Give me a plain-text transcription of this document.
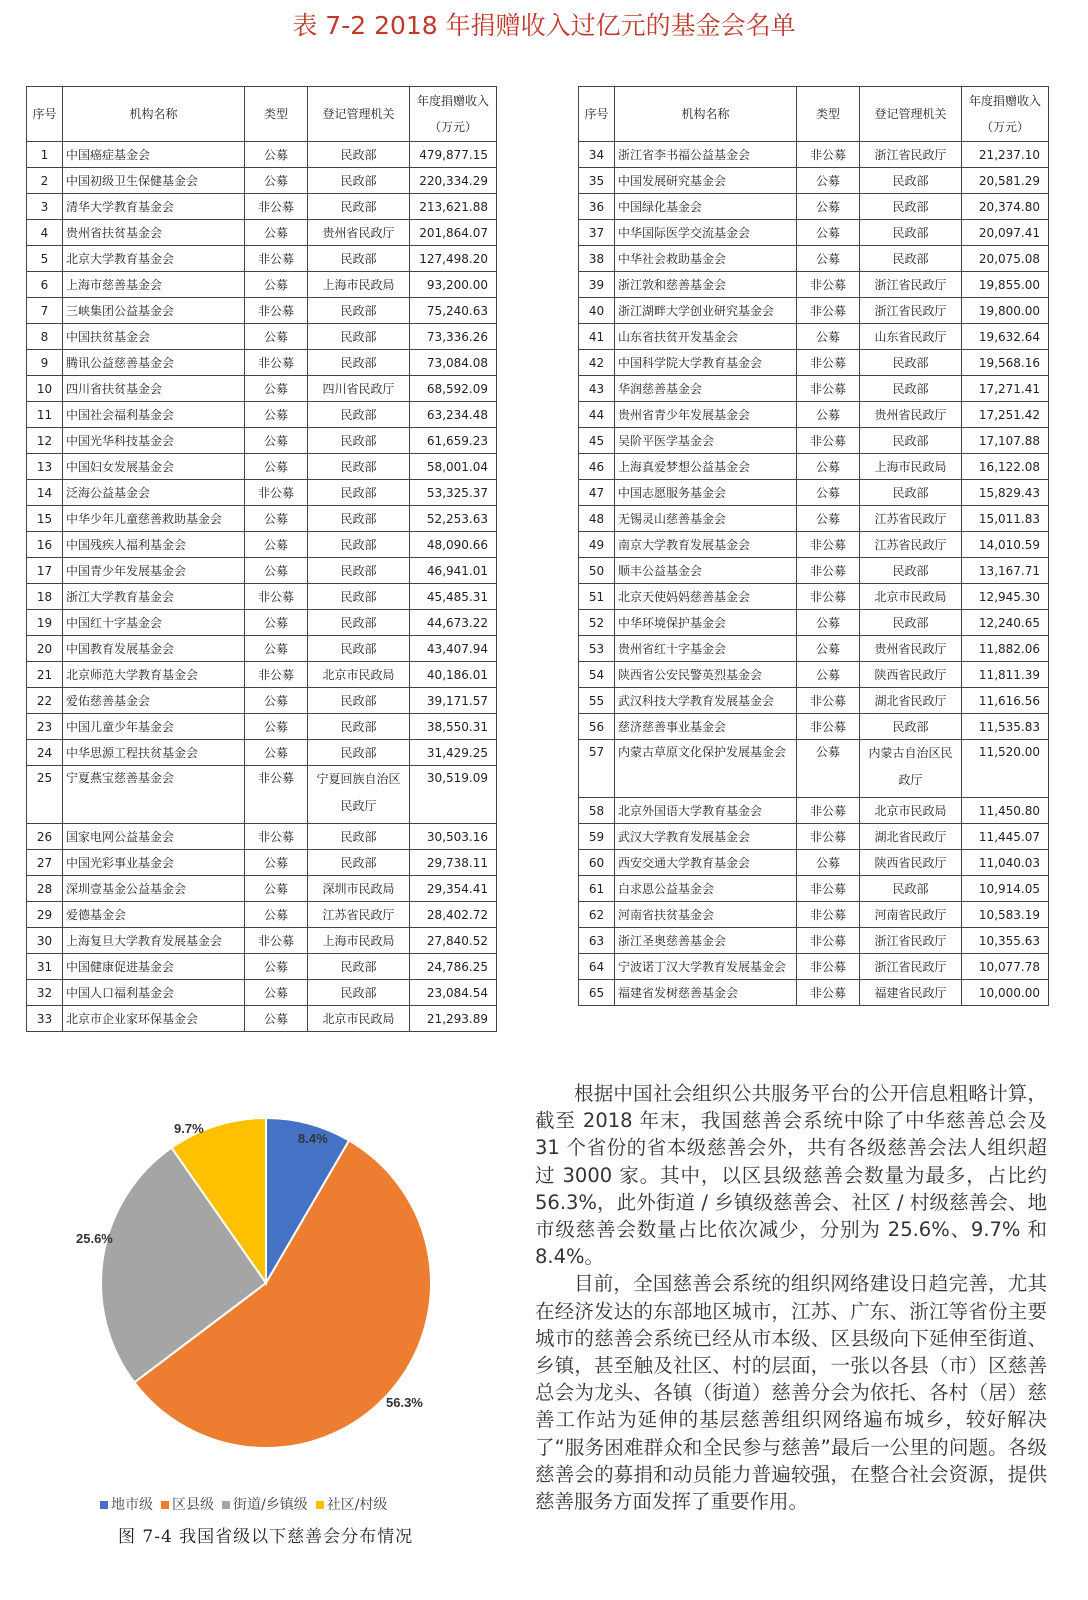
表 7-2 2018 年捐赠收入过亿元的基金会名单
序号	机构名称	类型	登记管理机关	年度捐赠收入
（万元）
1	中国癌症基金会	公募	民政部	479,877.15
2	中国初级卫生保健基金会	公募	民政部	220,334.29
3	清华大学教育基金会	非公募	民政部	213,621.88
4	贵州省扶贫基金会	公募	贵州省民政厅	201,864.07
5	北京大学教育基金会	非公募	民政部	127,498.20
6	上海市慈善基金会	公募	上海市民政局	93,200.00
7	三峡集团公益基金会	非公募	民政部	75,240.63
8	中国扶贫基金会	公募	民政部	73,336.26
9	腾讯公益慈善基金会	非公募	民政部	73,084.08
10	四川省扶贫基金会	公募	四川省民政厅	68,592.09
11	中国社会福利基金会	公募	民政部	63,234.48
12	中国光华科技基金会	公募	民政部	61,659.23
13	中国妇女发展基金会	公募	民政部	58,001.04
14	泛海公益基金会	非公募	民政部	53,325.37
15	中华少年儿童慈善救助基金会	公募	民政部	52,253.63
16	中国残疾人福利基金会	公募	民政部	48,090.66
17	中国青少年发展基金会	公募	民政部	46,941.01
18	浙江大学教育基金会	非公募	民政部	45,485.31
19	中国红十字基金会	公募	民政部	44,673.22
20	中国教育发展基金会	公募	民政部	43,407.94
21	北京师范大学教育基金会	非公募	北京市民政局	40,186.01
22	爱佑慈善基金会	公募	民政部	39,171.57
23	中国儿童少年基金会	公募	民政部	38,550.31
24	中华思源工程扶贫基金会	公募	民政部	31,429.25
25	宁夏燕宝慈善基金会	非公募	宁夏回族自治区民政厅	30,519.09
26	国家电网公益基金会	非公募	民政部	30,503.16
27	中国光彩事业基金会	公募	民政部	29,738.11
28	深圳壹基金公益基金会	公募	深圳市民政局	29,354.41
29	爱德基金会	公募	江苏省民政厅	28,402.72
30	上海复旦大学教育发展基金会	非公募	上海市民政局	27,840.52
31	中国健康促进基金会	公募	民政部	24,786.25
32	中国人口福利基金会	公募	民政部	23,084.54
33	北京市企业家环保基金会	公募	北京市民政局	21,293.89
序号	机构名称	类型	登记管理机关	年度捐赠收入
（万元）
34	浙江省李书福公益基金会	非公募	浙江省民政厅	21,237.10
35	中国发展研究基金会	公募	民政部	20,581.29
36	中国绿化基金会	公募	民政部	20,374.80
37	中华国际医学交流基金会	公募	民政部	20,097.41
38	中华社会救助基金会	公募	民政部	20,075.08
39	浙江敦和慈善基金会	非公募	浙江省民政厅	19,855.00
40	浙江湖畔大学创业研究基金会	非公募	浙江省民政厅	19,800.00
41	山东省扶贫开发基金会	公募	山东省民政厅	19,632.64
42	中国科学院大学教育基金会	非公募	民政部	19,568.16
43	华润慈善基金会	非公募	民政部	17,271.41
44	贵州省青少年发展基金会	公募	贵州省民政厅	17,251.42
45	吴阶平医学基金会	非公募	民政部	17,107.88
46	上海真爱梦想公益基金会	公募	上海市民政局	16,122.08
47	中国志愿服务基金会	公募	民政部	15,829.43
48	无锡灵山慈善基金会	公募	江苏省民政厅	15,011.83
49	南京大学教育发展基金会	非公募	江苏省民政厅	14,010.59
50	顺丰公益基金会	非公募	民政部	13,167.71
51	北京天使妈妈慈善基金会	非公募	北京市民政局	12,945.30
52	中华环境保护基金会	公募	民政部	12,240.65
53	贵州省红十字基金会	公募	贵州省民政厅	11,882.06
54	陕西省公安民警英烈基金会	公募	陕西省民政厅	11,811.39
55	武汉科技大学教育发展基金会	非公募	湖北省民政厅	11,616.56
56	慈济慈善事业基金会	非公募	民政部	11,535.83
57	内蒙古草原文化保护发展基金会	公募	内蒙古自治区民政厅	11,520.00
58	北京外国语大学教育基金会	非公募	北京市民政局	11,450.80
59	武汉大学教育发展基金会	非公募	湖北省民政厅	11,445.07
60	西安交通大学教育基金会	公募	陕西省民政厅	11,040.03
61	白求恩公益基金会	非公募	民政部	10,914.05
62	河南省扶贫基金会	非公募	河南省民政厅	10,583.19
63	浙江圣奥慈善基金会	非公募	浙江省民政厅	10,355.63
64	宁波诺丁汉大学教育发展基金会	非公募	浙江省民政厅	10,077.78
65	福建省发树慈善基金会	非公募	福建省民政厅	10,000.00
8.4%
56.3%
25.6%
9.7%
地市级 区县级 街道/乡镇级 社区/村级
图 7-4 我国省级以下慈善会分布情况

根据中国社会组织公共服务平台的公开信息粗略计算，截至 2018 年末，我国慈善会系统中除了中华慈善总会及 31 个省份的省本级慈善会外，共有各级慈善会法人组织超过 3000 家。其中，以区县级慈善会数量为最多，占比约 56.3%，此外街道 / 乡镇级慈善会、社区 / 村级慈善会、地市级慈善会数量占比依次减少，分别为 25.6%、9.7% 和 8.4%。

目前，全国慈善会系统的组织网络建设日趋完善，尤其在经济发达的东部地区城市，江苏、广东、浙江等省份主要城市的慈善会系统已经从市本级、区县级向下延伸至街道、乡镇，甚至触及社区、村的层面，一张以各县（市）区慈善总会为龙头、各镇（街道）慈善分会为依托、各村（居）慈善工作站为延伸的基层慈善组织网络遍布城乡，较好解决了“服务困难群众和全民参与慈善”最后一公里的问题。各级慈善会的募捐和动员能力普遍较强，在整合社会资源，提供慈善服务方面发挥了重要作用。
